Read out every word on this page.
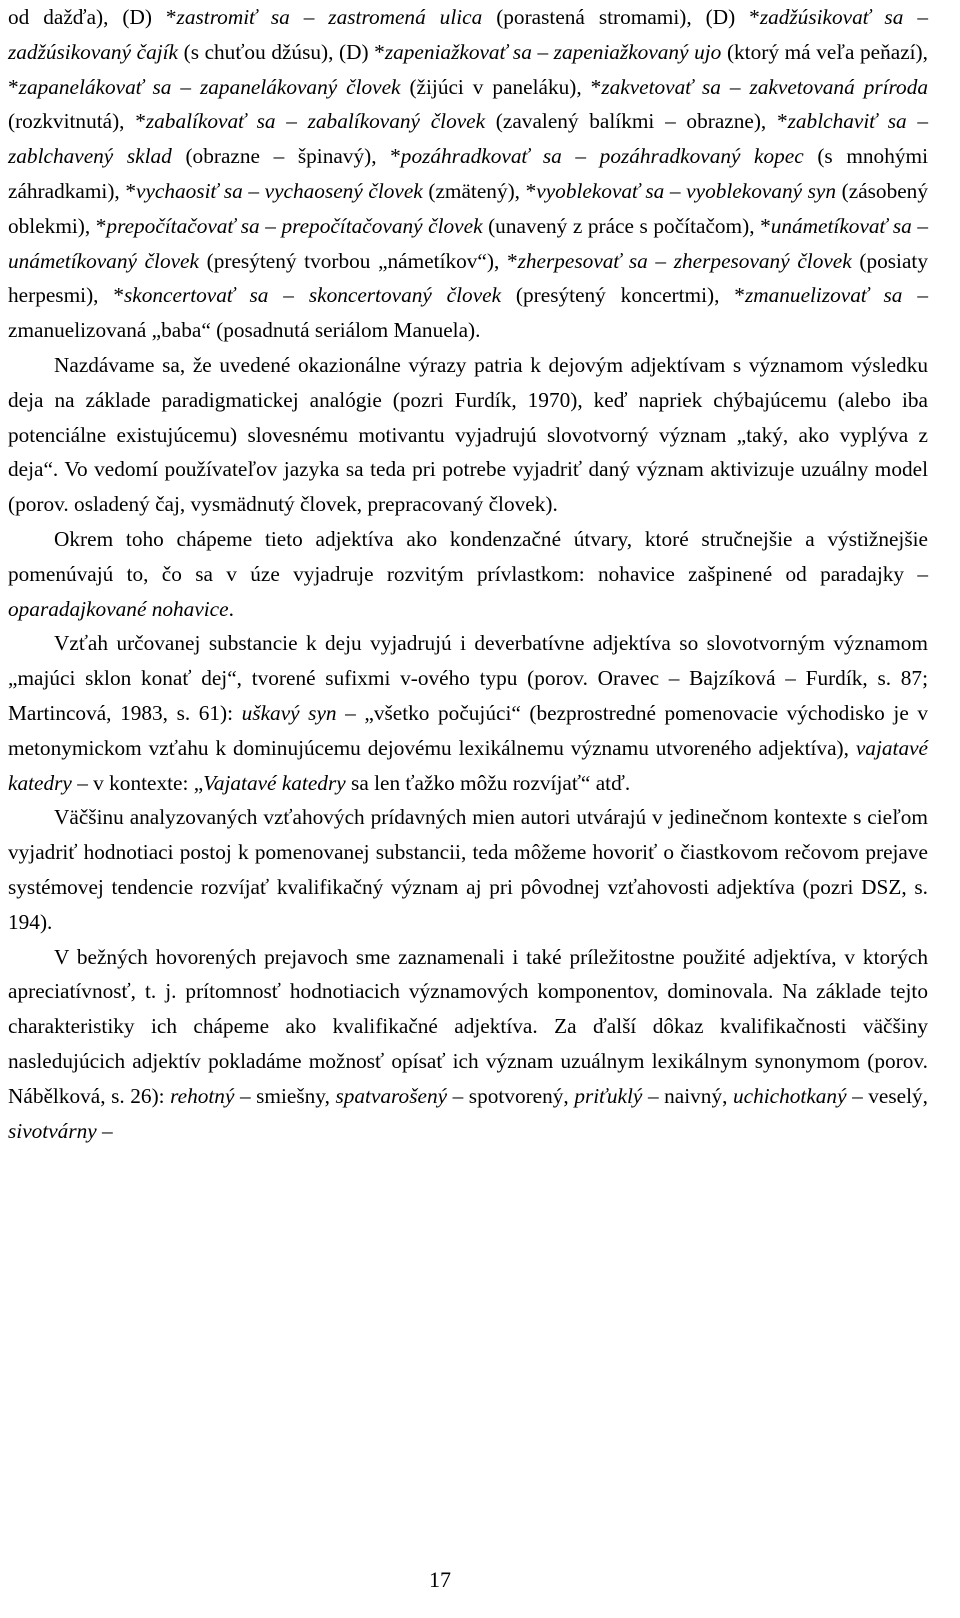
od dažďa), (D) *zastromiť sa – zastromená ulica (porastená stromami), (D) *zadžúsikovať sa – zadžúsikovaný čajík (s chuťou džúsu), (D) *zapeniažkovať sa – zapeniažkovaný ujo (ktorý má veľa peňazí), *zapanelákovať sa – zapanelákovaný človek (žijúci v paneláku), *zakvetovať sa – zakvetovaná príroda (rozkvitnutá), *zabalíkovať sa – zabalíkovaný človek (zavalený balíkmi – obrazne), *zablchaviť sa – zablchavený sklad (obrazne – špinavý), *pozáhradkovať sa – pozáhradkovaný kopec (s mnohými záhradkami), *vychaosiť sa – vychaosený človek (zmätený), *vyoblekovať sa – vyoblekovaný syn (zásobený oblekmi), *prepočítačovať sa – prepočítačovaný človek (unavený z práce s počítačom), *unámetíkovať sa – unámetíkovaný človek (presýtený tvorbou „námetíkov“), *zherpesovať sa – zherpesovaný človek (posiaty herpesmi), *skoncertovať sa – skoncertovaný človek (presýtený koncertmi), *zmanuelizovať sa – zmanuelizovaná „baba“ (posadnutá seriálom Manuela).

Nazdávame sa, že uvedené okazionálne výrazy patria k dejovým adjektívam s významom výsledku deja na základe paradigmatickej analógie (pozri Furdík, 1970), keď napriek chýbajúcemu (alebo iba potenciálne existujúcemu) slovesnému motivantu vyjadrujú slovotvorný význam „taký, ako vyplýva z deja“. Vo vedomí používateľov jazyka sa teda pri potrebe vyjadriť daný význam aktivizuje uzuálny model (porov. osladený čaj, vysmädnutý človek, prepracovaný človek).

Okrem toho chápeme tieto adjektíva ako kondenzačné útvary, ktoré stručnejšie a výstižnejšie pomenúvajú to, čo sa v úze vyjadruje rozvitým prívlastkom: nohavice zašpinené od paradajky – oparadajkované nohavice.

Vzťah určovanej substancie k deju vyjadrujú i deverbatívne adjektíva so slovotvorným významom „majúci sklon konať dej“, tvorené sufixmi v-ového typu (porov. Oravec – Bajzíková – Furdík, s. 87; Martincová, 1983, s. 61): uškavý syn – „všetko počujúci“ (bezprostredné pomenovacie východisko je v metonymickom vzťahu k dominujúcemu dejovému lexikálnemu významu utvoreného adjektíva), vajatavé katedry – v kontexte: „Vajatavé katedry sa len ťažko môžu rozvíjať“ atď.

Väčšinu analyzovaných vzťahových prídavných mien autori utvárajú v jedinečnom kontexte s cieľom vyjadriť hodnotiaci postoj k pomenovanej substancii, teda môžeme hovoriť o čiastkovom rečovom prejave systémovej tendencie rozvíjať kvalifikačný význam aj pri pôvodnej vzťahovosti adjektíva (pozri DSZ, s. 194).

V bežných hovorených prejavoch sme zaznamenali i také príležitostne použité adjektíva, v ktorých apreciatívnosť, t. j. prítomnosť hodnotiacich významových komponentov, dominovala. Na základe tejto charakteristiky ich chápeme ako kvalifikačné adjektíva. Za ďalší dôkaz kvalifikačnosti väčšiny nasledujúcich adjektív pokladáme možnosť opísať ich význam uzuálnym lexikálnym synonymom (porov. Nábělková, s. 26): rehotný – smiešny, spatvarošený – spotvorený, priťuklý – naivný, uchichotkaný – veselý, sivotvárny –

17
